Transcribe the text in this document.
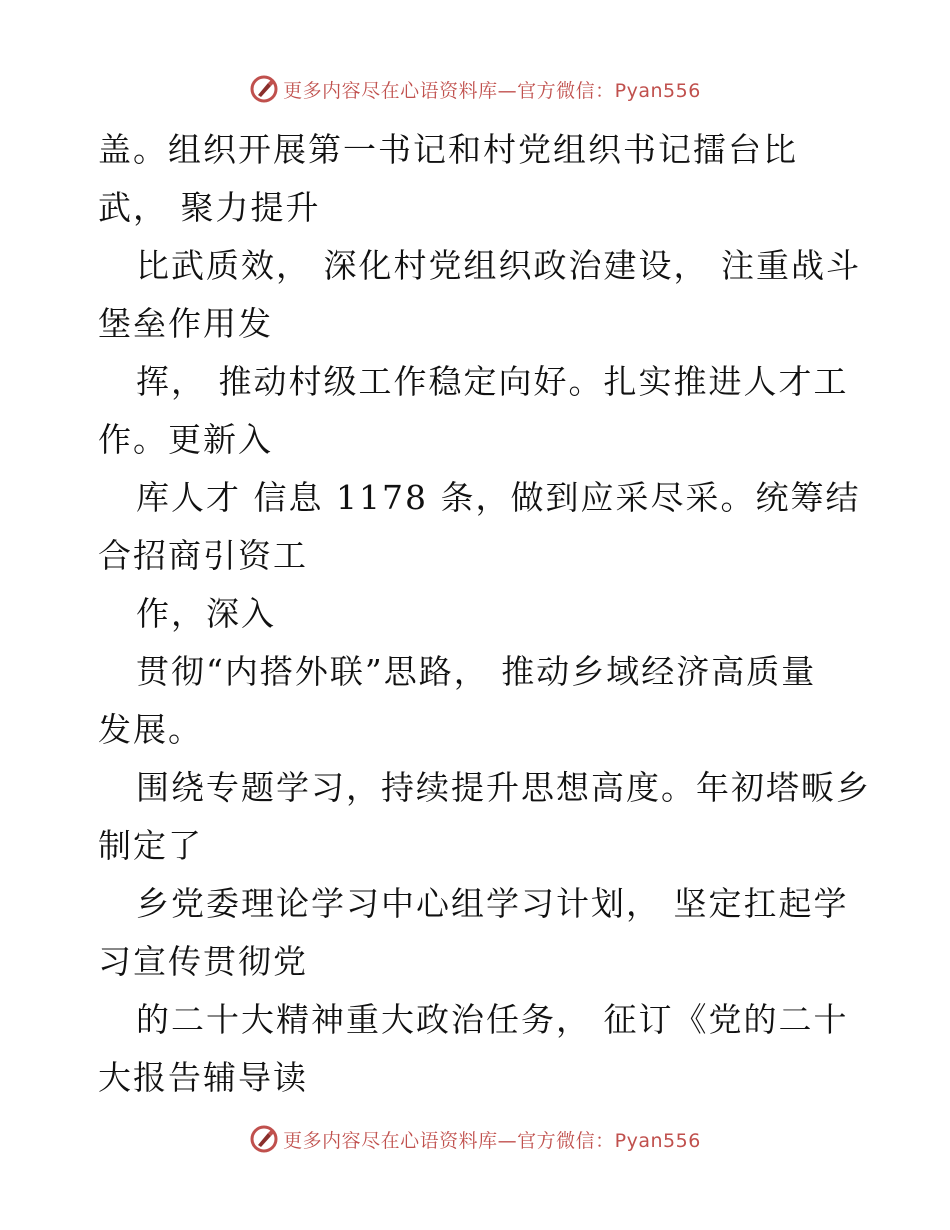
更多内容尽在心语资料库—官方微信：Pyan556
盖。组织开展第一书记和村党组织书记擂台比
武， 聚力提升
比武质效， 深化村党组织政治建设， 注重战斗
堡垒作用发
挥， 推动村级工作稳定向好。扎实推进人才工
作。更新入
库人才 信息 1178 条，做到应采尽采。统筹结
合招商引资工
作，深入
贯彻“内搭外联”思路， 推动乡域经济高质量
发展。
围绕专题学习，持续提升思想高度。年初塔畈乡
制定了
乡党委理论学习中心组学习计划， 坚定扛起学
习宣传贯彻党
的二十大精神重大政治任务， 征订《党的二十
大报告辅导读
更多内容尽在心语资料库—官方微信：Pyan556
